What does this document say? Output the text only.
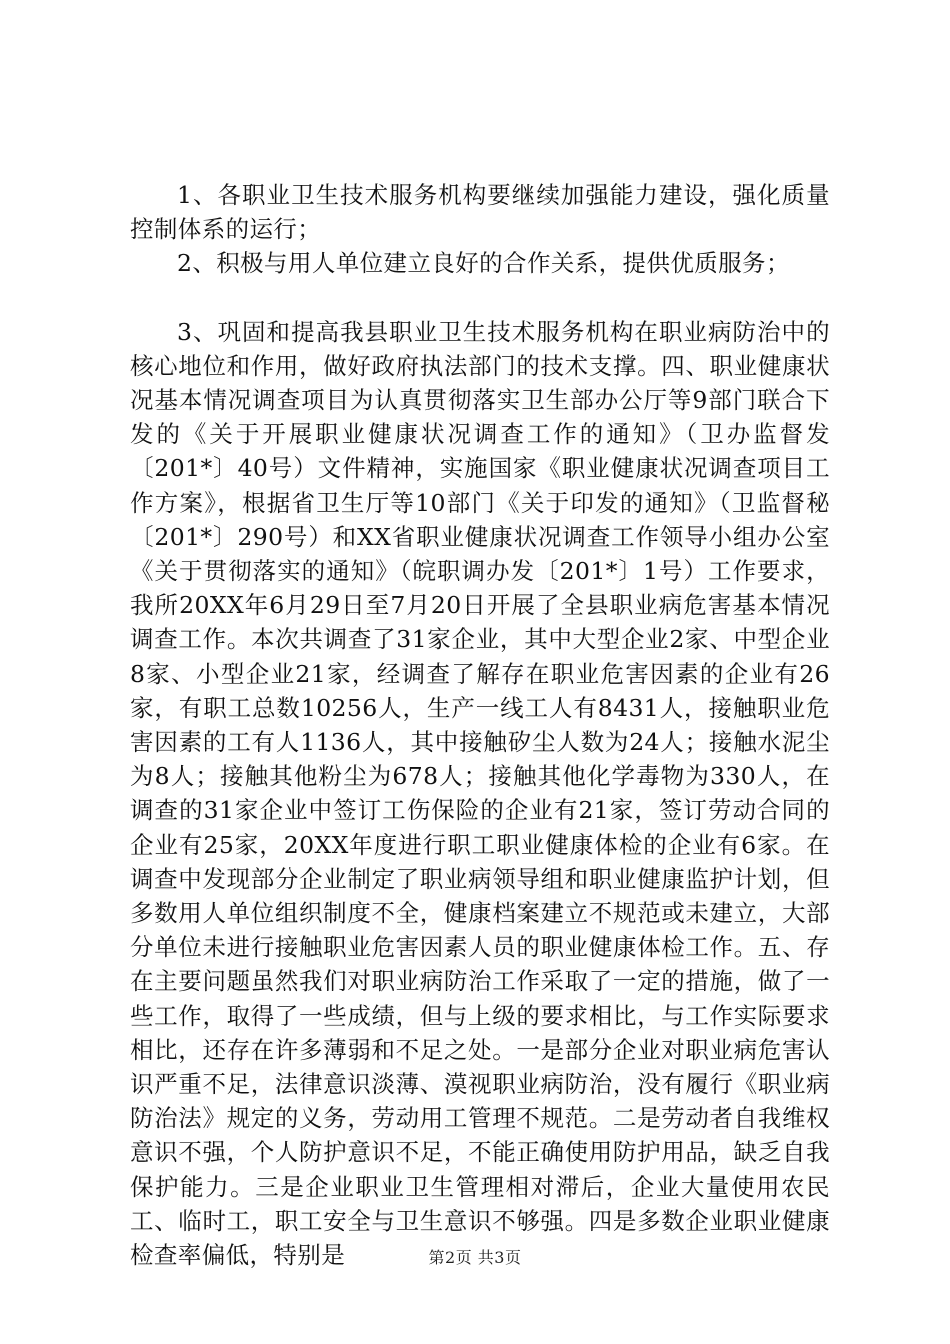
1、各职业卫生技术服务机构要继续加强能力建设，强化质量控制体系的运行；

2、积极与用人单位建立良好的合作关系，提供优质服务；

3、巩固和提高我县职业卫生技术服务机构在职业病防治中的核心地位和作用，做好政府执法部门的技术支撑。四、职业健康状况基本情况调查项目为认真贯彻落实卫生部办公厅等9部门联合下发的《关于开展职业健康状况调查工作的通知》（卫办监督发〔201*〕40号）文件精神，实施国家《职业健康状况调查项目工作方案》，根据省卫生厅等10部门《关于印发的通知》（卫监督秘〔201*〕290号）和XX省职业健康状况调查工作领导小组办公室《关于贯彻落实的通知》（皖职调办发〔201*〕1号）工作要求，我所20XX年6月29日至7月20日开展了全县职业病危害基本情况调查工作。本次共调查了31家企业，其中大型企业2家、中型企业8家、小型企业21家，经调查了解存在职业危害因素的企业有26家，有职工总数10256人，生产一线工人有8431人，接触职业危害因素的工有人1136人，其中接触矽尘人数为24人；接触水泥尘为8人；接触其他粉尘为678人；接触其他化学毒物为330人，在调查的31家企业中签订工伤保险的企业有21家，签订劳动合同的企业有25家，20XX年度进行职工职业健康体检的企业有6家。在调查中发现部分企业制定了职业病领导组和职业健康监护计划，但多数用人单位组织制度不全，健康档案建立不规范或未建立，大部分单位未进行接触职业危害因素人员的职业健康体检工作。五、存在主要问题虽然我们对职业病防治工作采取了一定的措施，做了一些工作，取得了一些成绩，但与上级的要求相比，与工作实际要求相比，还存在许多薄弱和不足之处。一是部分企业对职业病危害认识严重不足，法律意识淡薄、漠视职业病防治，没有履行《职业病防治法》规定的义务，劳动用工管理不规范。二是劳动者自我维权意识不强，个人防护意识不足，不能正确使用防护用品，缺乏自我保护能力。三是企业职业卫生管理相对滞后，企业大量使用农民工、临时工，职工安全与卫生意识不够强。四是多数企业职业健康检查率偏低，特别是	第2页 共3页
